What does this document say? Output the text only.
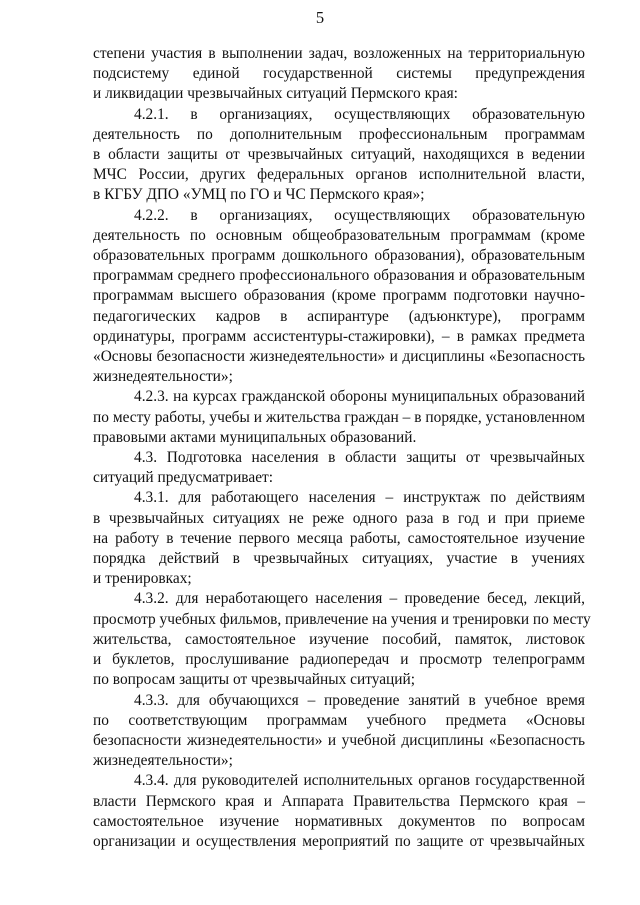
5
степени участия в выполнении задач, возложенных на территориальную
подсистему единой государственной системы предупреждения
и ликвидации чрезвычайных ситуаций Пермского края:
4.2.1. в организациях, осуществляющих образовательную
деятельность по дополнительным профессиональным программам
в области защиты от чрезвычайных ситуаций, находящихся в ведении
МЧС России, других федеральных органов исполнительной власти,
в КГБУ ДПО «УМЦ по ГО и ЧС Пермского края»;
4.2.2. в организациях, осуществляющих образовательную
деятельность по основным общеобразовательным программам (кроме
образовательных программ дошкольного образования), образовательным
программам среднего профессионального образования и образовательным
программам высшего образования (кроме программ подготовки научно-
педагогических кадров в аспирантуре (адъюнктуре), программ
ординатуры, программ ассистентуры-стажировки), – в рамках предмета
«Основы безопасности жизнедеятельности» и дисциплины «Безопасность
жизнедеятельности»;
4.2.3. на курсах гражданской обороны муниципальных образований
по месту работы, учебы и жительства граждан – в порядке, установленном
правовыми актами муниципальных образований.
4.3. Подготовка населения в области защиты от чрезвычайных
ситуаций предусматривает:
4.3.1. для работающего населения – инструктаж по действиям
в чрезвычайных ситуациях не реже одного раза в год и при приеме
на работу в течение первого месяца работы, самостоятельное изучение
порядка действий в чрезвычайных ситуациях, участие в учениях
и тренировках;
4.3.2. для неработающего населения – проведение бесед, лекций,
просмотр учебных фильмов, привлечение на учения и тренировки по месту
жительства, самостоятельное изучение пособий, памяток, листовок
и буклетов, прослушивание радиопередач и просмотр телепрограмм
по вопросам защиты от чрезвычайных ситуаций;
4.3.3. для обучающихся – проведение занятий в учебное время
по соответствующим программам учебного предмета «Основы
безопасности жизнедеятельности» и учебной дисциплины «Безопасность
жизнедеятельности»;
4.3.4. для руководителей исполнительных органов государственной
власти Пермского края и Аппарата Правительства Пермского края –
самостоятельное изучение нормативных документов по вопросам
организации и осуществления мероприятий по защите от чрезвычайных
